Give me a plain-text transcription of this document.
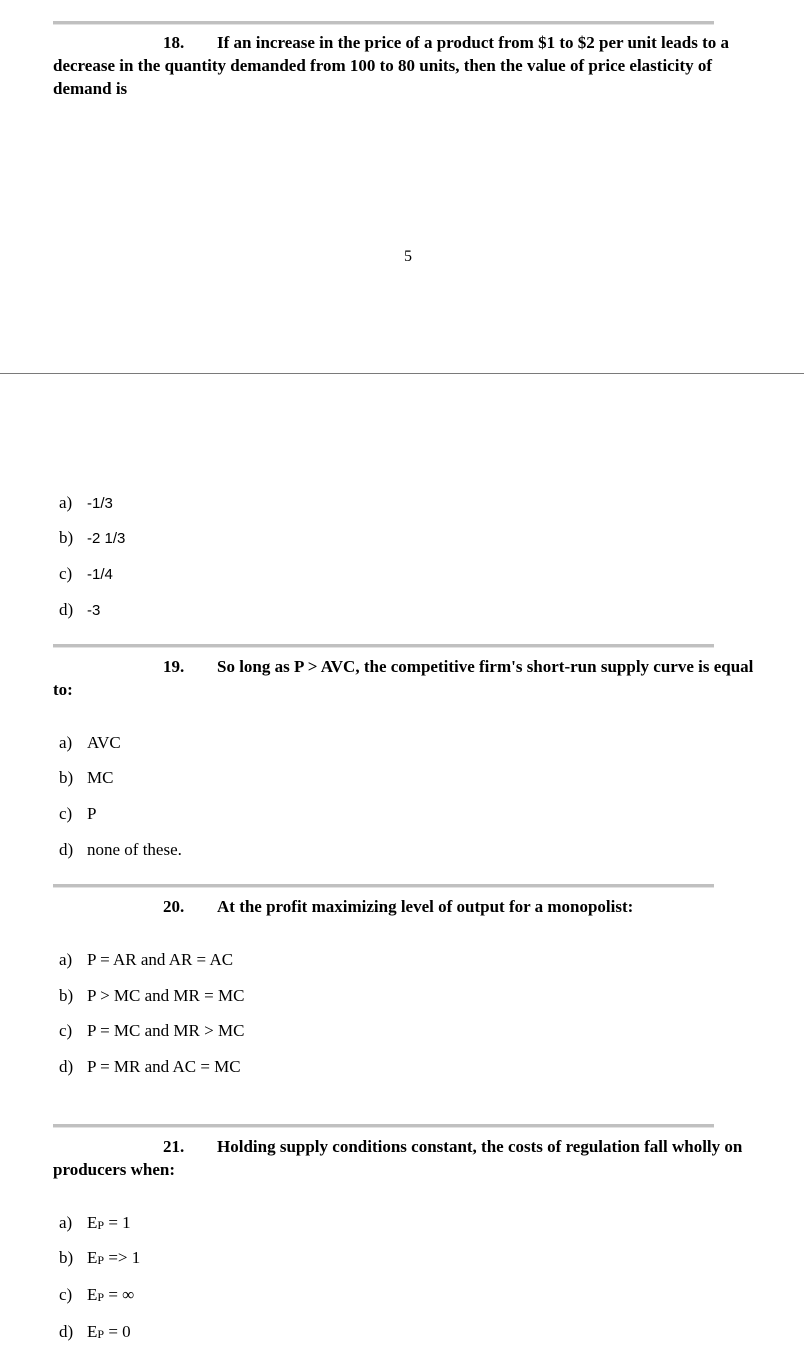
18. If an increase in the price of a product from $1 to $2 per unit leads to a decrease in the quantity demanded from 100 to 80 units, then the value of price elasticity of demand is
5
a) -1/3
b) -2 1/3
c) -1/4
d) -3
19. So long as P > AVC, the competitive firm's short-run supply curve is equal to:
a) AVC
b) MC
c) P
d) none of these.
20. At the profit maximizing level of output for a monopolist:
a) P = AR and AR = AC
b) P > MC and MR = MC
c) P = MC and MR > MC
d) P = MR and AC = MC
21. Holding supply conditions constant, the costs of regulation fall wholly on producers when:
a) EP = 1
b) EP => 1
c) EP = ∞
d) EP = 0
